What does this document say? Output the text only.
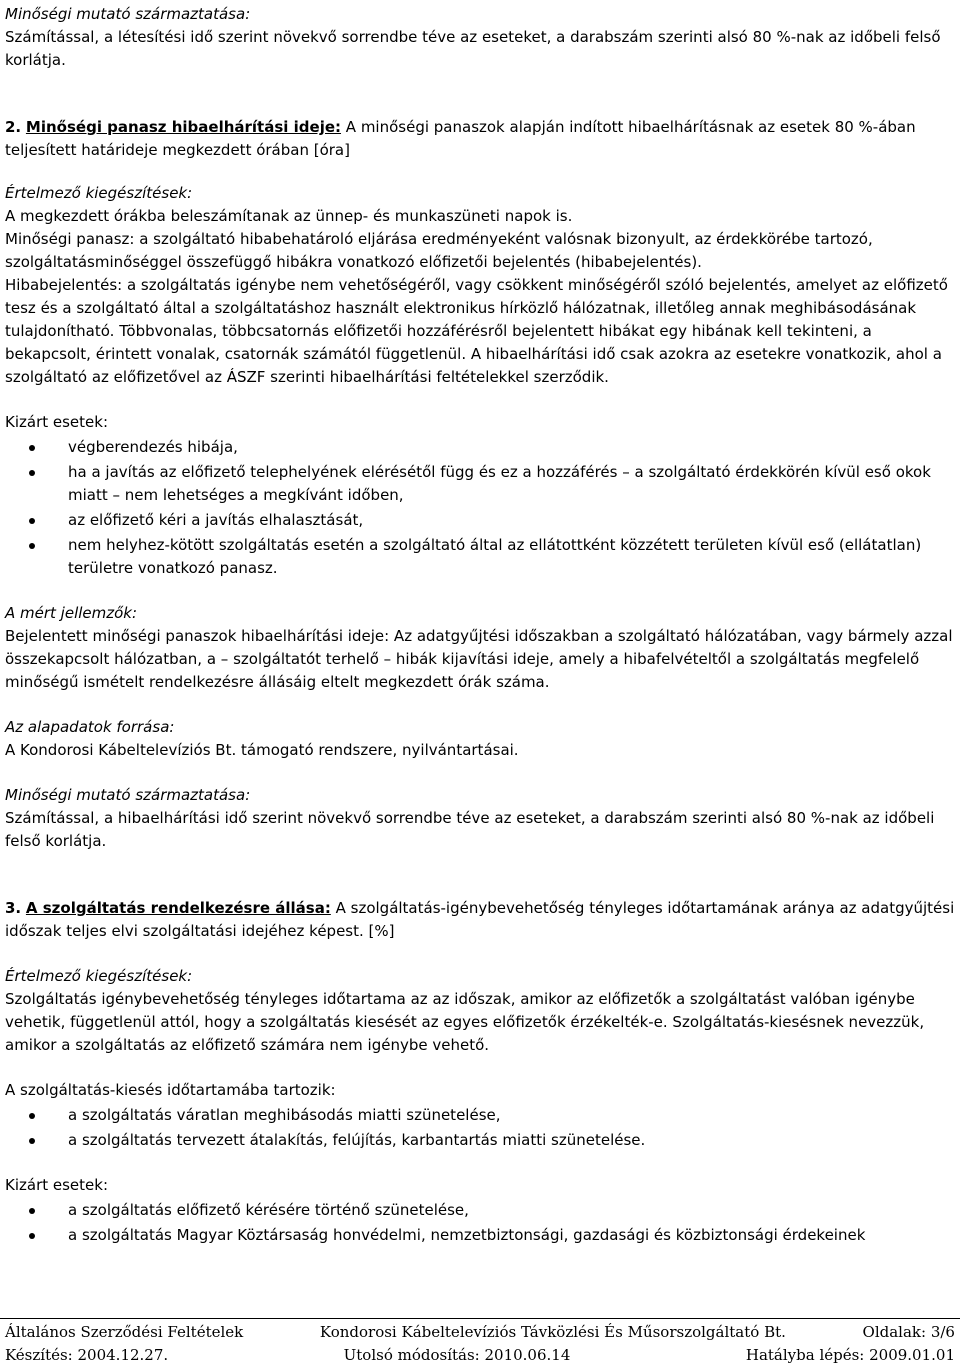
Minőségi mutató származtatása:

Számítással, a létesítési idő szerint növekvő sorrendbe téve az eseteket, a darabszám szerinti alsó 80 %-nak az időbeli felső korlátja.

2. Minőségi panasz hibaelhárítási ideje: A minőségi panaszok alapján indított hibaelhárításnak az esetek 80 %-ában teljesített határideje megkezdett órában [óra]

Értelmező kiegészítések:

A megkezdett órákba beleszámítanak az ünnep- és munkaszüneti napok is.

Minőségi panasz: a szolgáltató hibabehatároló eljárása eredményeként valósnak bizonyult, az érdekkörébe tartozó, szolgáltatásminőséggel összefüggő hibákra vonatkozó előfizetői bejelentés (hibabejelentés).

Hibabejelentés: a szolgáltatás igénybe nem vehetőségéről, vagy csökkent minőségéről szóló bejelentés, amelyet az előfizető tesz és a szolgáltató által a szolgáltatáshoz használt elektronikus hírközlő hálózatnak, illetőleg annak meghibásodásának tulajdonítható. Többvonalas, többcsatornás előfizetői hozzáférésről bejelentett hibákat egy hibának kell tekinteni, a bekapcsolt, érintett vonalak, csatornák számától függetlenül. A hibaelhárítási idő csak azokra az esetekre vonatkozik, ahol a szolgáltató az előfizetővel az ÁSZF szerinti hibaelhárítási feltételekkel szerződik.

Kizárt esetek:

végberendezés hibája,
ha a javítás az előfizető telephelyének elérésétől függ és ez a hozzáférés – a szolgáltató érdekkörén kívül eső okok miatt – nem lehetséges a megkívánt időben,
az előfizető kéri a javítás elhalasztását,
nem helyhez-kötött szolgáltatás esetén a szolgáltató által az ellátottként közzétett területen kívül eső (ellátatlan) területre vonatkozó panasz.

A mért jellemzők:

Bejelentett minőségi panaszok hibaelhárítási ideje: Az adatgyűjtési időszakban a szolgáltató hálózatában, vagy bármely azzal összekapcsolt hálózatban, a – szolgáltatót terhelő – hibák kijavítási ideje, amely a hibafelvételtől a szolgáltatás megfelelő minőségű ismételt rendelkezésre állásáig eltelt megkezdett órák száma.

Az alapadatok forrása:

A Kondorosi Kábeltelevíziós Bt. támogató rendszere, nyilvántartásai.

Minőségi mutató származtatása:

Számítással, a hibaelhárítási idő szerint növekvő sorrendbe téve az eseteket, a darabszám szerinti alsó 80 %-nak az időbeli felső korlátja.

3. A szolgáltatás rendelkezésre állása: A szolgáltatás-igénybevehetőség tényleges időtartamának aránya az adatgyűjtési időszak teljes elvi szolgáltatási idejéhez képest. [%]

Értelmező kiegészítések:

Szolgáltatás igénybevehetőség tényleges időtartama az az időszak, amikor az előfizetők a szolgáltatást valóban igénybe vehetik, függetlenül attól, hogy a szolgáltatás kiesését az egyes előfizetők érzékelték-e. Szolgáltatás-kiesésnek nevezzük, amikor a szolgáltatás az előfizető számára nem igénybe vehető.

A szolgáltatás-kiesés időtartamába tartozik:

a szolgáltatás váratlan meghibásodás miatti szünetelése,
a szolgáltatás tervezett átalakítás, felújítás, karbantartás miatti szünetelése.

Kizárt esetek:

a szolgáltatás előfizető kérésére történő szünetelése,
a szolgáltatás Magyar Köztársaság honvédelmi, nemzetbiztonsági, gazdasági és közbiztonsági érdekeinek
Általános Szerződési Feltételek	Kondorosi Kábeltelevíziós Távközlési És Műsorszolgáltató Bt.	Oldalak: 3/6
Készítés: 2004.12.27.	Utolsó módosítás: 2010.06.14	Hatályba lépés: 2009.01.01
